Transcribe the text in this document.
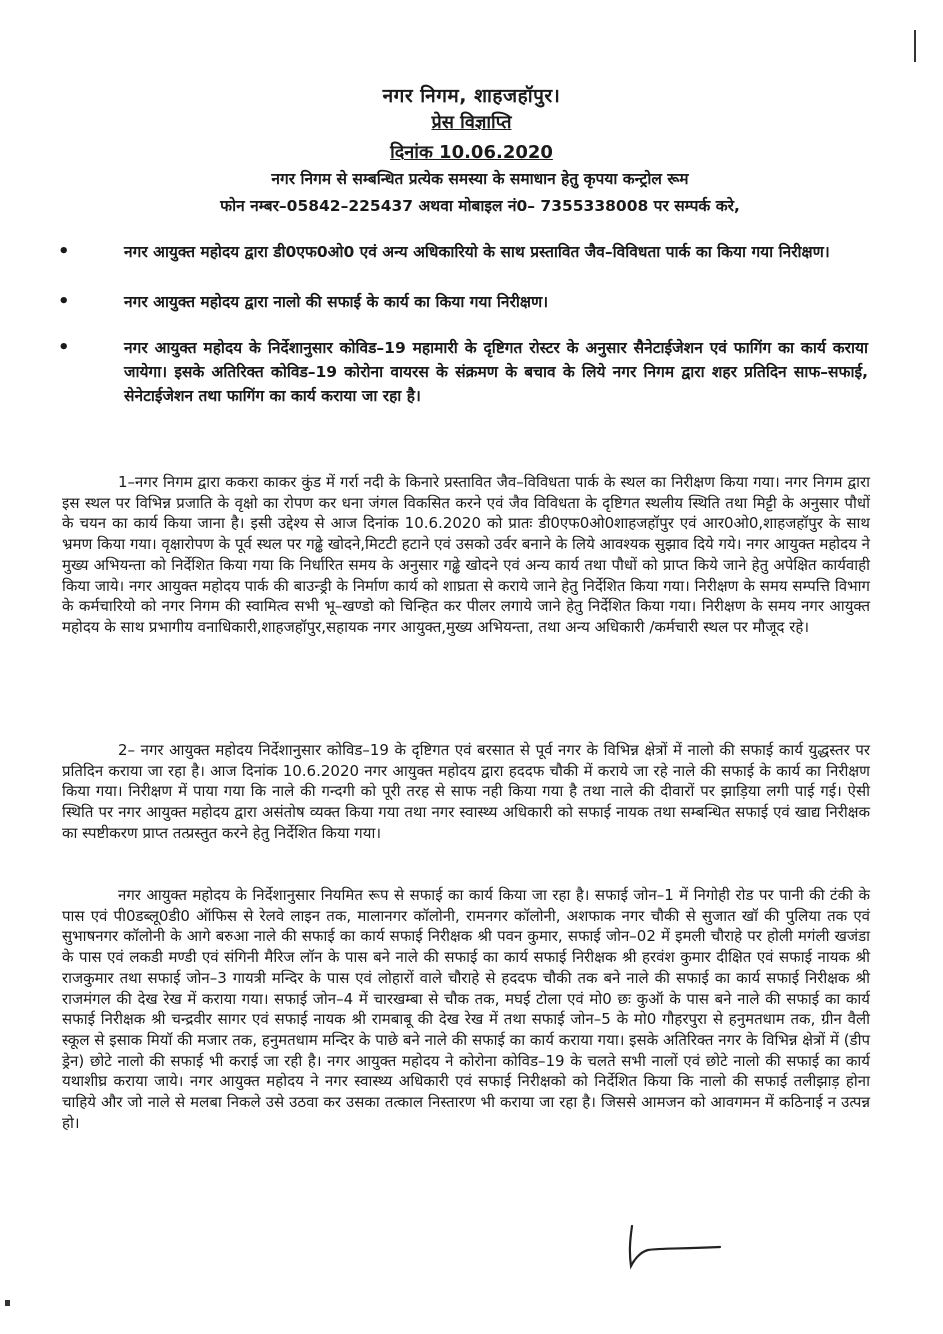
नगर निगम, शाहजहॉपुर।
प्रेस विज्ञाप्ति
दिनांक 10.06.2020
नगर निगम से सम्बन्धित प्रत्येक समस्या के समाधान हेतु कृपया कन्ट्रोल रूम
फोन नम्बर–05842–225437 अथवा मोबाइल नं0– 7355338008 पर सम्पर्क करे,
•	नगर आयुक्त महोदय द्वारा डी0एफ0ओ0 एवं अन्य अधिकारियो के साथ प्रस्तावित जैव–विविधता पार्क का किया गया निरीक्षण।
•	नगर आयुक्त महोदय द्वारा नालो की सफाई के कार्य का किया गया निरीक्षण।
•	नगर आयुक्त महोदय के निर्देशानुसार कोविड–19 महामारी के दृष्टिगत रोस्टर के अनुसार सैनेटाईजेशन एवं फागिंग का कार्य कराया जायेगा। इसके अतिरिक्त कोविड–19 कोरोना वायरस के संक्रमण के बचाव के लिये नगर निगम द्वारा शहर प्रतिदिन साफ–सफाई, सेनेटाईजेशन तथा फागिंग का कार्य कराया जा रहा है।
1–नगर निगम द्वारा ककरा काकर कुंड में गर्रा नदी के किनारे प्रस्तावित जैव–विविधता पार्क के स्थल का निरीक्षण किया गया। नगर निगम द्वारा इस स्थल पर विभिन्न प्रजाति के वृक्षो का रोपण कर धना जंगल विकसित करने एवं जैव विविधता के दृष्टिगत स्थलीय स्थिति तथा मिट्टी के अनुसार पौधों के चयन का कार्य किया जाना है। इसी उद्देश्य से आज दिनांक 10.6.2020 को प्रातः डी0एफ0ओ0शाहजहॉपुर एवं आर0ओ0,शाहजहॉपुर के साथ भ्रमण किया गया। वृक्षारोपण के पूर्व स्थल पर गढ्ढे खोदने,मिटटी हटाने एवं उसको उर्वर बनाने के लिये आवश्यक सुझाव दिये गये। नगर आयुक्त महोदय ने मुख्य अभियन्ता को निर्देशित किया गया कि निर्धारित समय के अनुसार गढ्ढे खोदने एवं अन्य कार्य तथा पौधों को प्राप्त किये जाने हेतु अपेक्षित कार्यवाही किया जाये। नगर आयुक्त महोदय पार्क की बाउन्ड्री के निर्माण कार्य को शाघ्रता से कराये जाने हेतु निर्देशित किया गया। निरीक्षण के समय सम्पत्ति विभाग के कर्मचारियो को नगर निगम की स्वामित्व सभी भू–खण्डो को चिन्हित कर पीलर लगाये जाने हेतु निर्देशित किया गया। निरीक्षण के समय नगर आयुक्त महोदय के साथ प्रभागीय वनाधिकारी,शाहजहॉपुर,सहायक नगर आयुक्त,मुख्य अभियन्ता, तथा अन्य अधिकारी /कर्मचारी स्थल पर मौजूद रहे।
2– नगर आयुक्त महोदय निर्देशानुसार कोविड–19 के दृष्टिगत एवं बरसात से पूर्व नगर के विभिन्न क्षेत्रों में नालो की सफाई कार्य युद्धस्तर पर प्रतिदिन कराया जा रहा है। आज दिनांक 10.6.2020 नगर आयुक्त महोदय द्वारा हददफ चौकी में कराये जा रहे नाले की सफाई के कार्य का निरीक्षण किया गया। निरीक्षण में पाया गया कि नाले की गन्दगी को पूरी तरह से साफ नही किया गया है तथा नाले की दीवारों पर झाड़िया लगी पाई गई। ऐसी स्थिति पर नगर आयुक्त महोदय द्वारा असंतोष व्यक्त किया गया तथा नगर स्वास्थ्य अधिकारी को सफाई नायक तथा सम्बन्धित सफाई एवं खाद्य निरीक्षक का स्पष्टीकरण प्राप्त तत्प्रस्तुत करने हेतु निर्देशित किया गया।
नगर आयुक्त महोदय के निर्देशानुसार नियमित रूप से सफाई का कार्य किया जा रहा है। सफाई जोन–1 में निगोही रोड पर पानी की टंकी के पास एवं पी0डब्लू0डी0 ऑफिस से रेलवे लाइन तक, मालानगर कॉलोनी, रामनगर कॉलोनी, अशफाक नगर चौकी से सुजात खॉ की पुलिया तक एवं सुभाषनगर कॉलोनी के आगे बरुआ नाले की सफाई का कार्य सफाई निरीक्षक श्री पवन कुमार, सफाई जोन–02 में इमली चौराहे पर होली मगंली खजंडा के पास एवं लकडी मण्डी एवं संगिनी मैरिज लॉन के पास बने नाले की सफाई का कार्य सफाई निरीक्षक श्री हरवंश कुमार दीक्षित एवं सफाई नायक श्री राजकुमार तथा सफाई जोन–3 गायत्री मन्दिर के पास एवं लोहारों वाले चौराहे से हददफ चौकी तक बने नाले की सफाई का कार्य सफाई निरीक्षक श्री राजमंगल की देख रेख में कराया गया। सफाई जोन–4 में चारखम्बा से चौक तक, मघई टोला एवं मो0 छः कुऑ के पास बने नाले की सफाई का कार्य सफाई निरीक्षक श्री चन्द्रवीर सागर एवं सफाई नायक श्री रामबाबू की देख रेख में तथा सफाई जोन–5 के मो0 गौहरपुरा से हनुमतधाम तक, ग्रीन वैली स्कूल से इसाक मियॉ की मजार तक, हनुमतधाम मन्दिर के पाछे बने नाले की सफाई का कार्य कराया गया। इसके अतिरिक्त नगर के विभिन्न क्षेत्रों में (डीप ड्रेन) छोटे नालो की सफाई भी कराई जा रही है। नगर आयुक्त महोदय ने कोरोना कोविड–19 के चलते सभी नालों एवं छोटे नालो की सफाई का कार्य यथाशीघ्र कराया जाये। नगर आयुक्त महोदय ने नगर स्वास्थ्य अधिकारी एवं सफाई निरीक्षको को निर्देशित किया कि नालो की सफाई तलीझाड़ होना चाहिये और जो नाले से मलबा निकले उसे उठवा कर उसका तत्काल निस्तारण भी कराया जा रहा है। जिससे आमजन को आवगमन में कठिनाई न उत्पन्न हो।
